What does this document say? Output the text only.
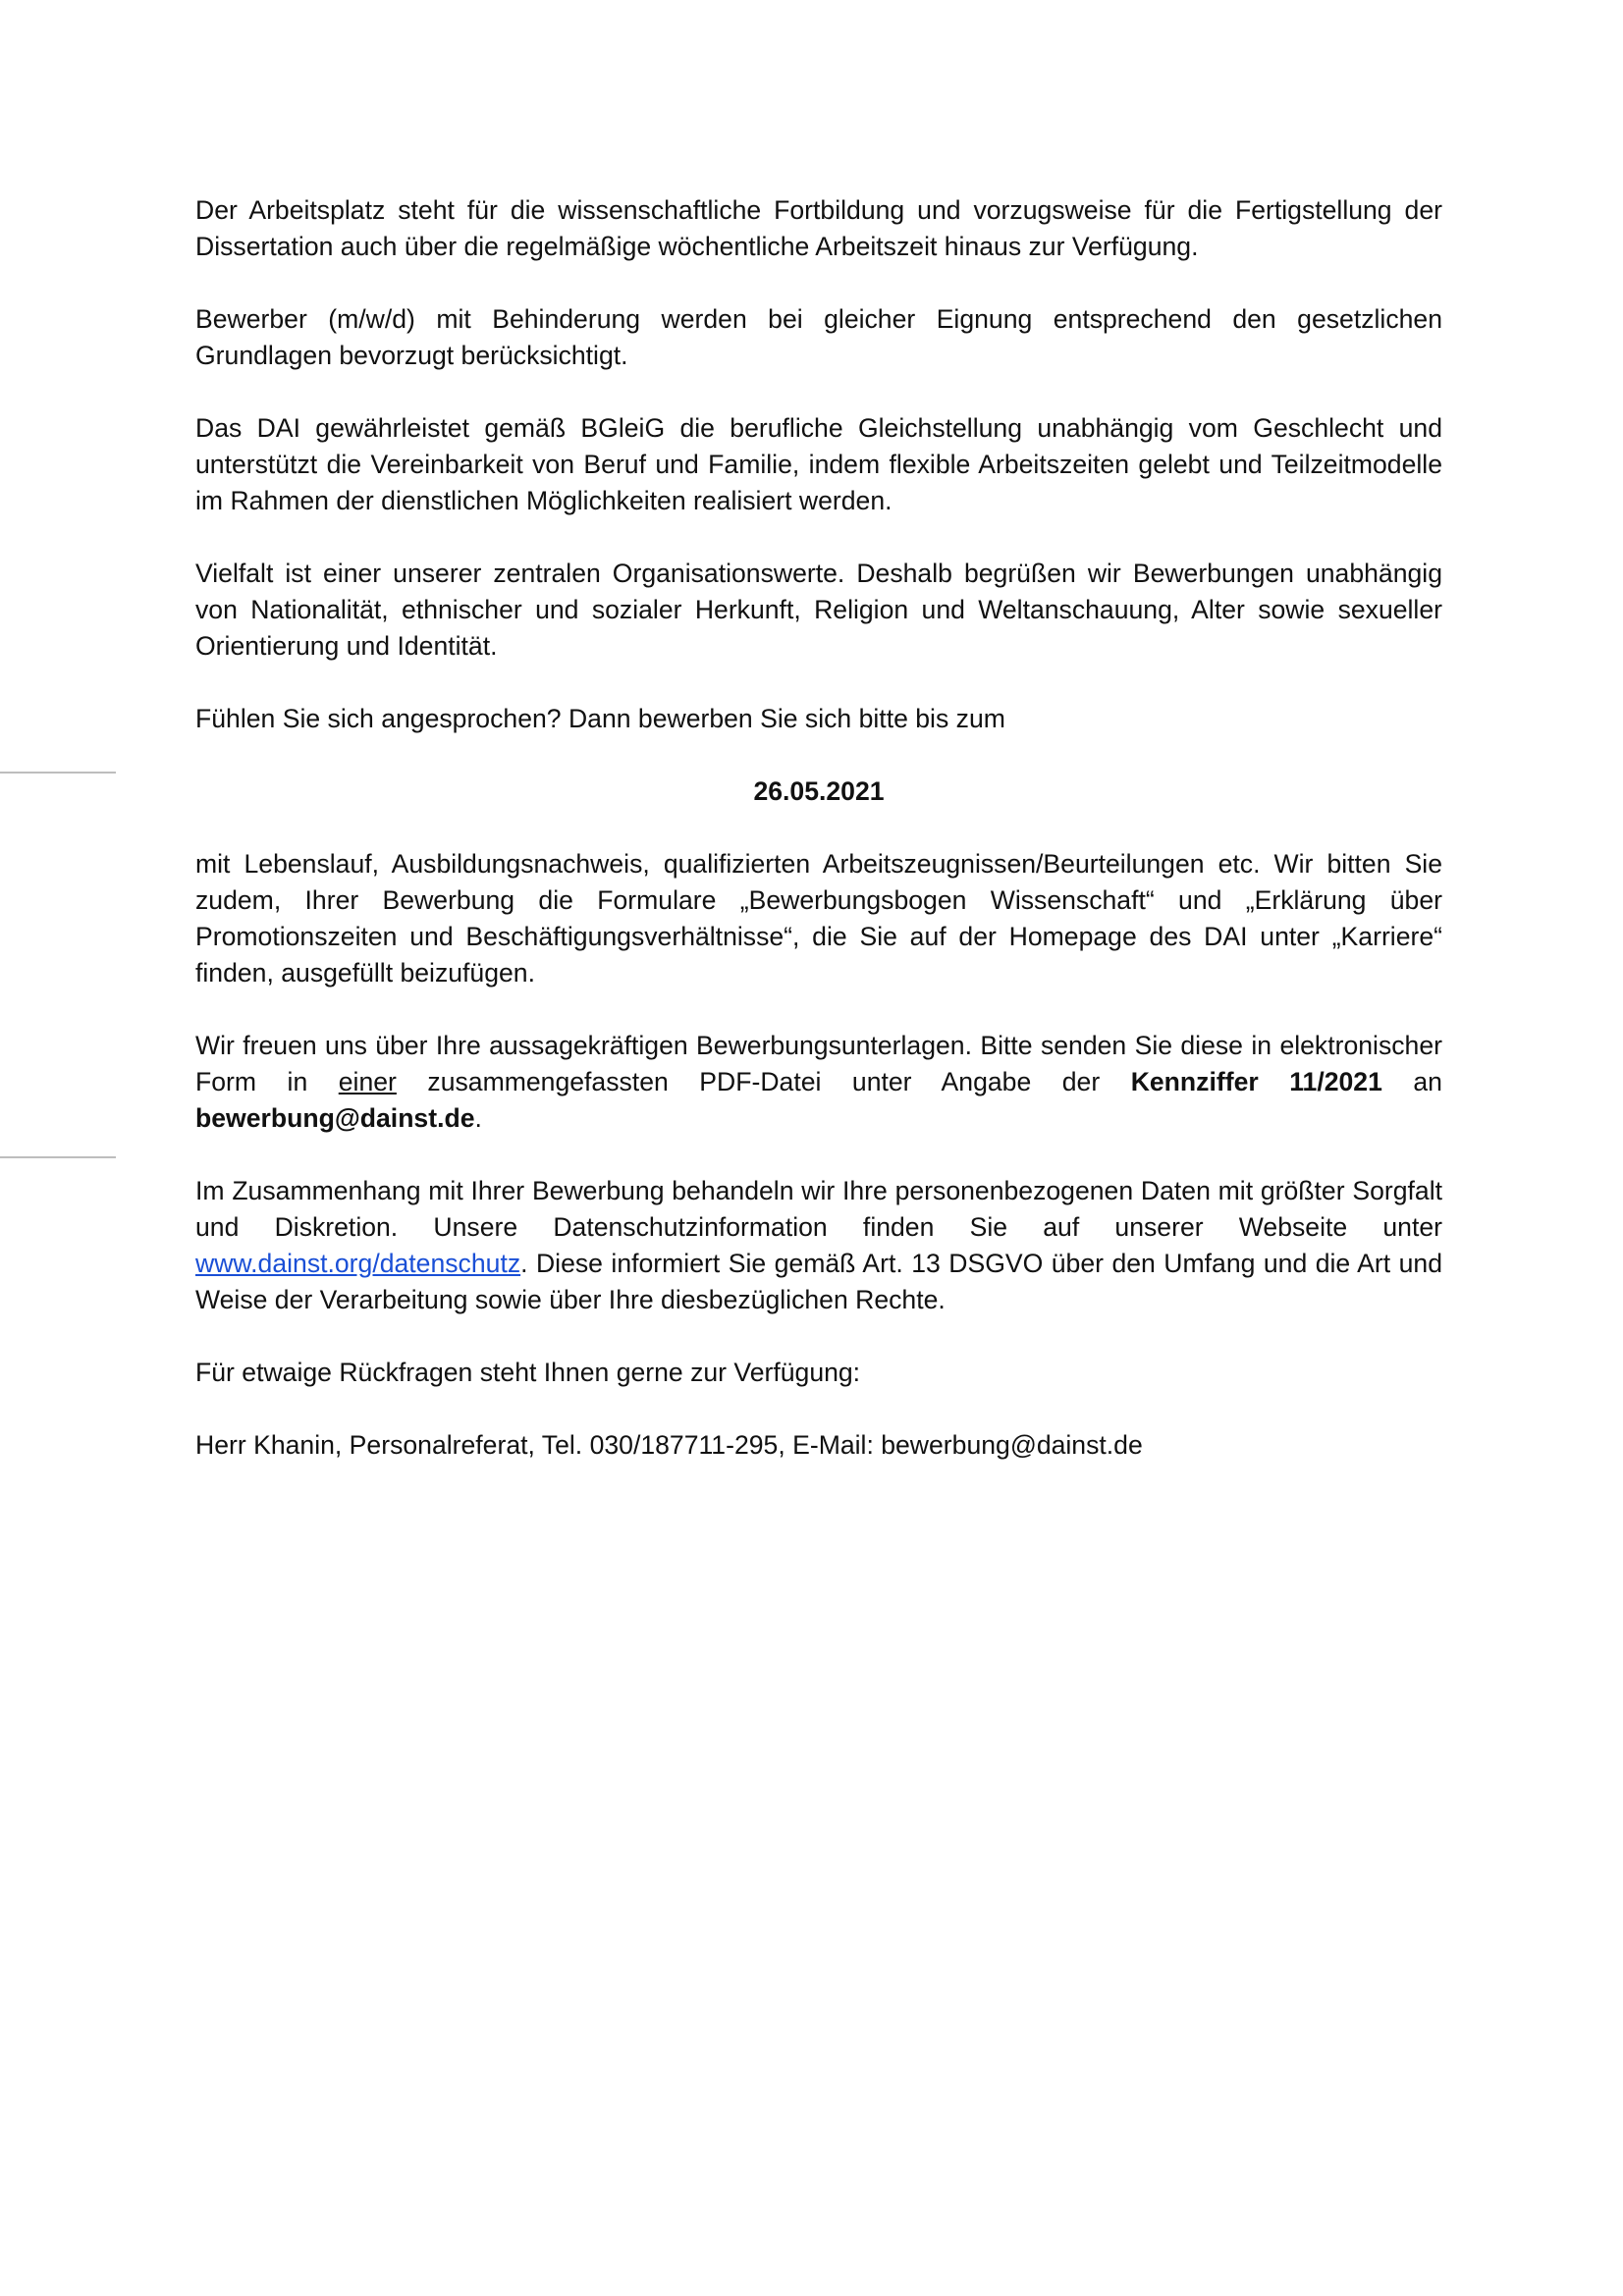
Der Arbeitsplatz steht für die wissenschaftliche Fortbildung und vorzugsweise für die Fertigstellung der Dissertation auch über die regelmäßige wöchentliche Arbeitszeit hinaus zur Verfügung.

Bewerber (m/w/d) mit Behinderung werden bei gleicher Eignung entsprechend den gesetzlichen Grundlagen bevorzugt berücksichtigt.

Das DAI gewährleistet gemäß BGleiG die berufliche Gleichstellung unabhängig vom Geschlecht und unterstützt die Vereinbarkeit von Beruf und Familie, indem flexible Arbeitszeiten gelebt und Teilzeitmodelle im Rahmen der dienstlichen Möglichkeiten realisiert werden.

Vielfalt ist einer unserer zentralen Organisationswerte. Deshalb begrüßen wir Bewerbungen unabhängig von Nationalität, ethnischer und sozialer Herkunft, Religion und Weltanschauung, Alter sowie sexueller Orientierung und Identität.

Fühlen Sie sich angesprochen? Dann bewerben Sie sich bitte bis zum

26.05.2021

mit Lebenslauf, Ausbildungsnachweis, qualifizierten Arbeitszeugnissen/Beurteilungen etc. Wir bitten Sie zudem, Ihrer Bewerbung die Formulare „Bewerbungsbogen Wissenschaft“ und „Erklärung über Promotionszeiten und Beschäftigungsverhältnisse“, die Sie auf der Homepage des DAI unter „Karriere“ finden, ausgefüllt beizufügen.

Wir freuen uns über Ihre aussagekräftigen Bewerbungsunterlagen. Bitte senden Sie diese in elektronischer Form in einer zusammengefassten PDF-Datei unter Angabe der Kennziffer 11/2021 an bewerbung@dainst.de.

Im Zusammenhang mit Ihrer Bewerbung behandeln wir Ihre personenbezogenen Daten mit größter Sorgfalt und Diskretion. Unsere Datenschutzinformation finden Sie auf unserer Webseite unter www.dainst.org/datenschutz. Diese informiert Sie gemäß Art. 13 DSGVO über den Umfang und die Art und Weise der Verarbeitung sowie über Ihre diesbezüglichen Rechte.

Für etwaige Rückfragen steht Ihnen gerne zur Verfügung:

Herr Khanin, Personalreferat, Tel. 030/187711-295, E-Mail: bewerbung@dainst.de
